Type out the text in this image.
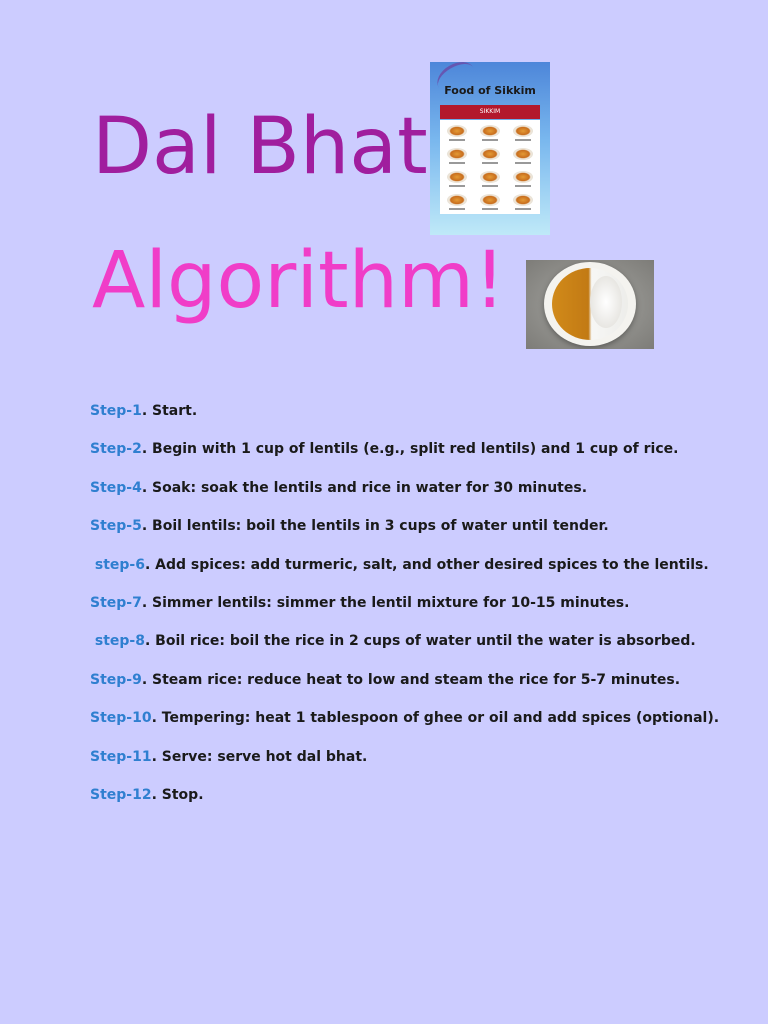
Dal Bhat
Algorithm!
Food of Sikkim
SIKKIM
Step-1. Start.
Step-2. Begin with 1 cup of lentils (e.g., split red lentils) and 1 cup of rice.
Step-4. Soak: soak the lentils and rice in water for 30 minutes.
Step-5. Boil lentils: boil the lentils in 3 cups of water until tender.
step-6. Add spices: add turmeric, salt, and other desired spices to the lentils.
Step-7. Simmer lentils: simmer the lentil mixture for 10-15 minutes.
step-8. Boil rice: boil the rice in 2 cups of water until the water is absorbed.
Step-9. Steam rice: reduce heat to low and steam the rice for 5-7 minutes.
Step-10. Tempering: heat 1 tablespoon of ghee or oil and add spices (optional).
Step-11. Serve: serve hot dal bhat.
Step-12. Stop.
